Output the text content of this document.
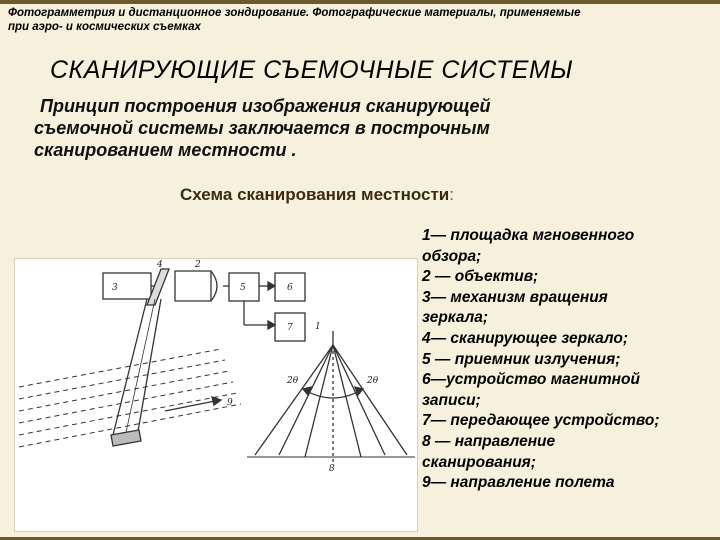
Фотограмметрия и дистанционное зондирование. Фотографические материалы, применяемые
при аэро- и космических съемках
СКАНИРУЮЩИЕ СЪЕМОЧНЫЕ СИСТЕМЫ
Принцип построения изображения сканирующей
съемочной системы заключается в построчным
сканированием местности .
Схема сканирования местности:
3
2
4
5	6
7
9
1
2θ	2θ
8
1— площадка мгновенного
обзора;
2 — объектив;
3— механизм вращения
зеркала;
4— сканирующее зеркало;
5 — приемник излучения;
6—устройство магнитной
записи;
7— передающее устройство;
8 — направление
сканирования;
9— направление полета
